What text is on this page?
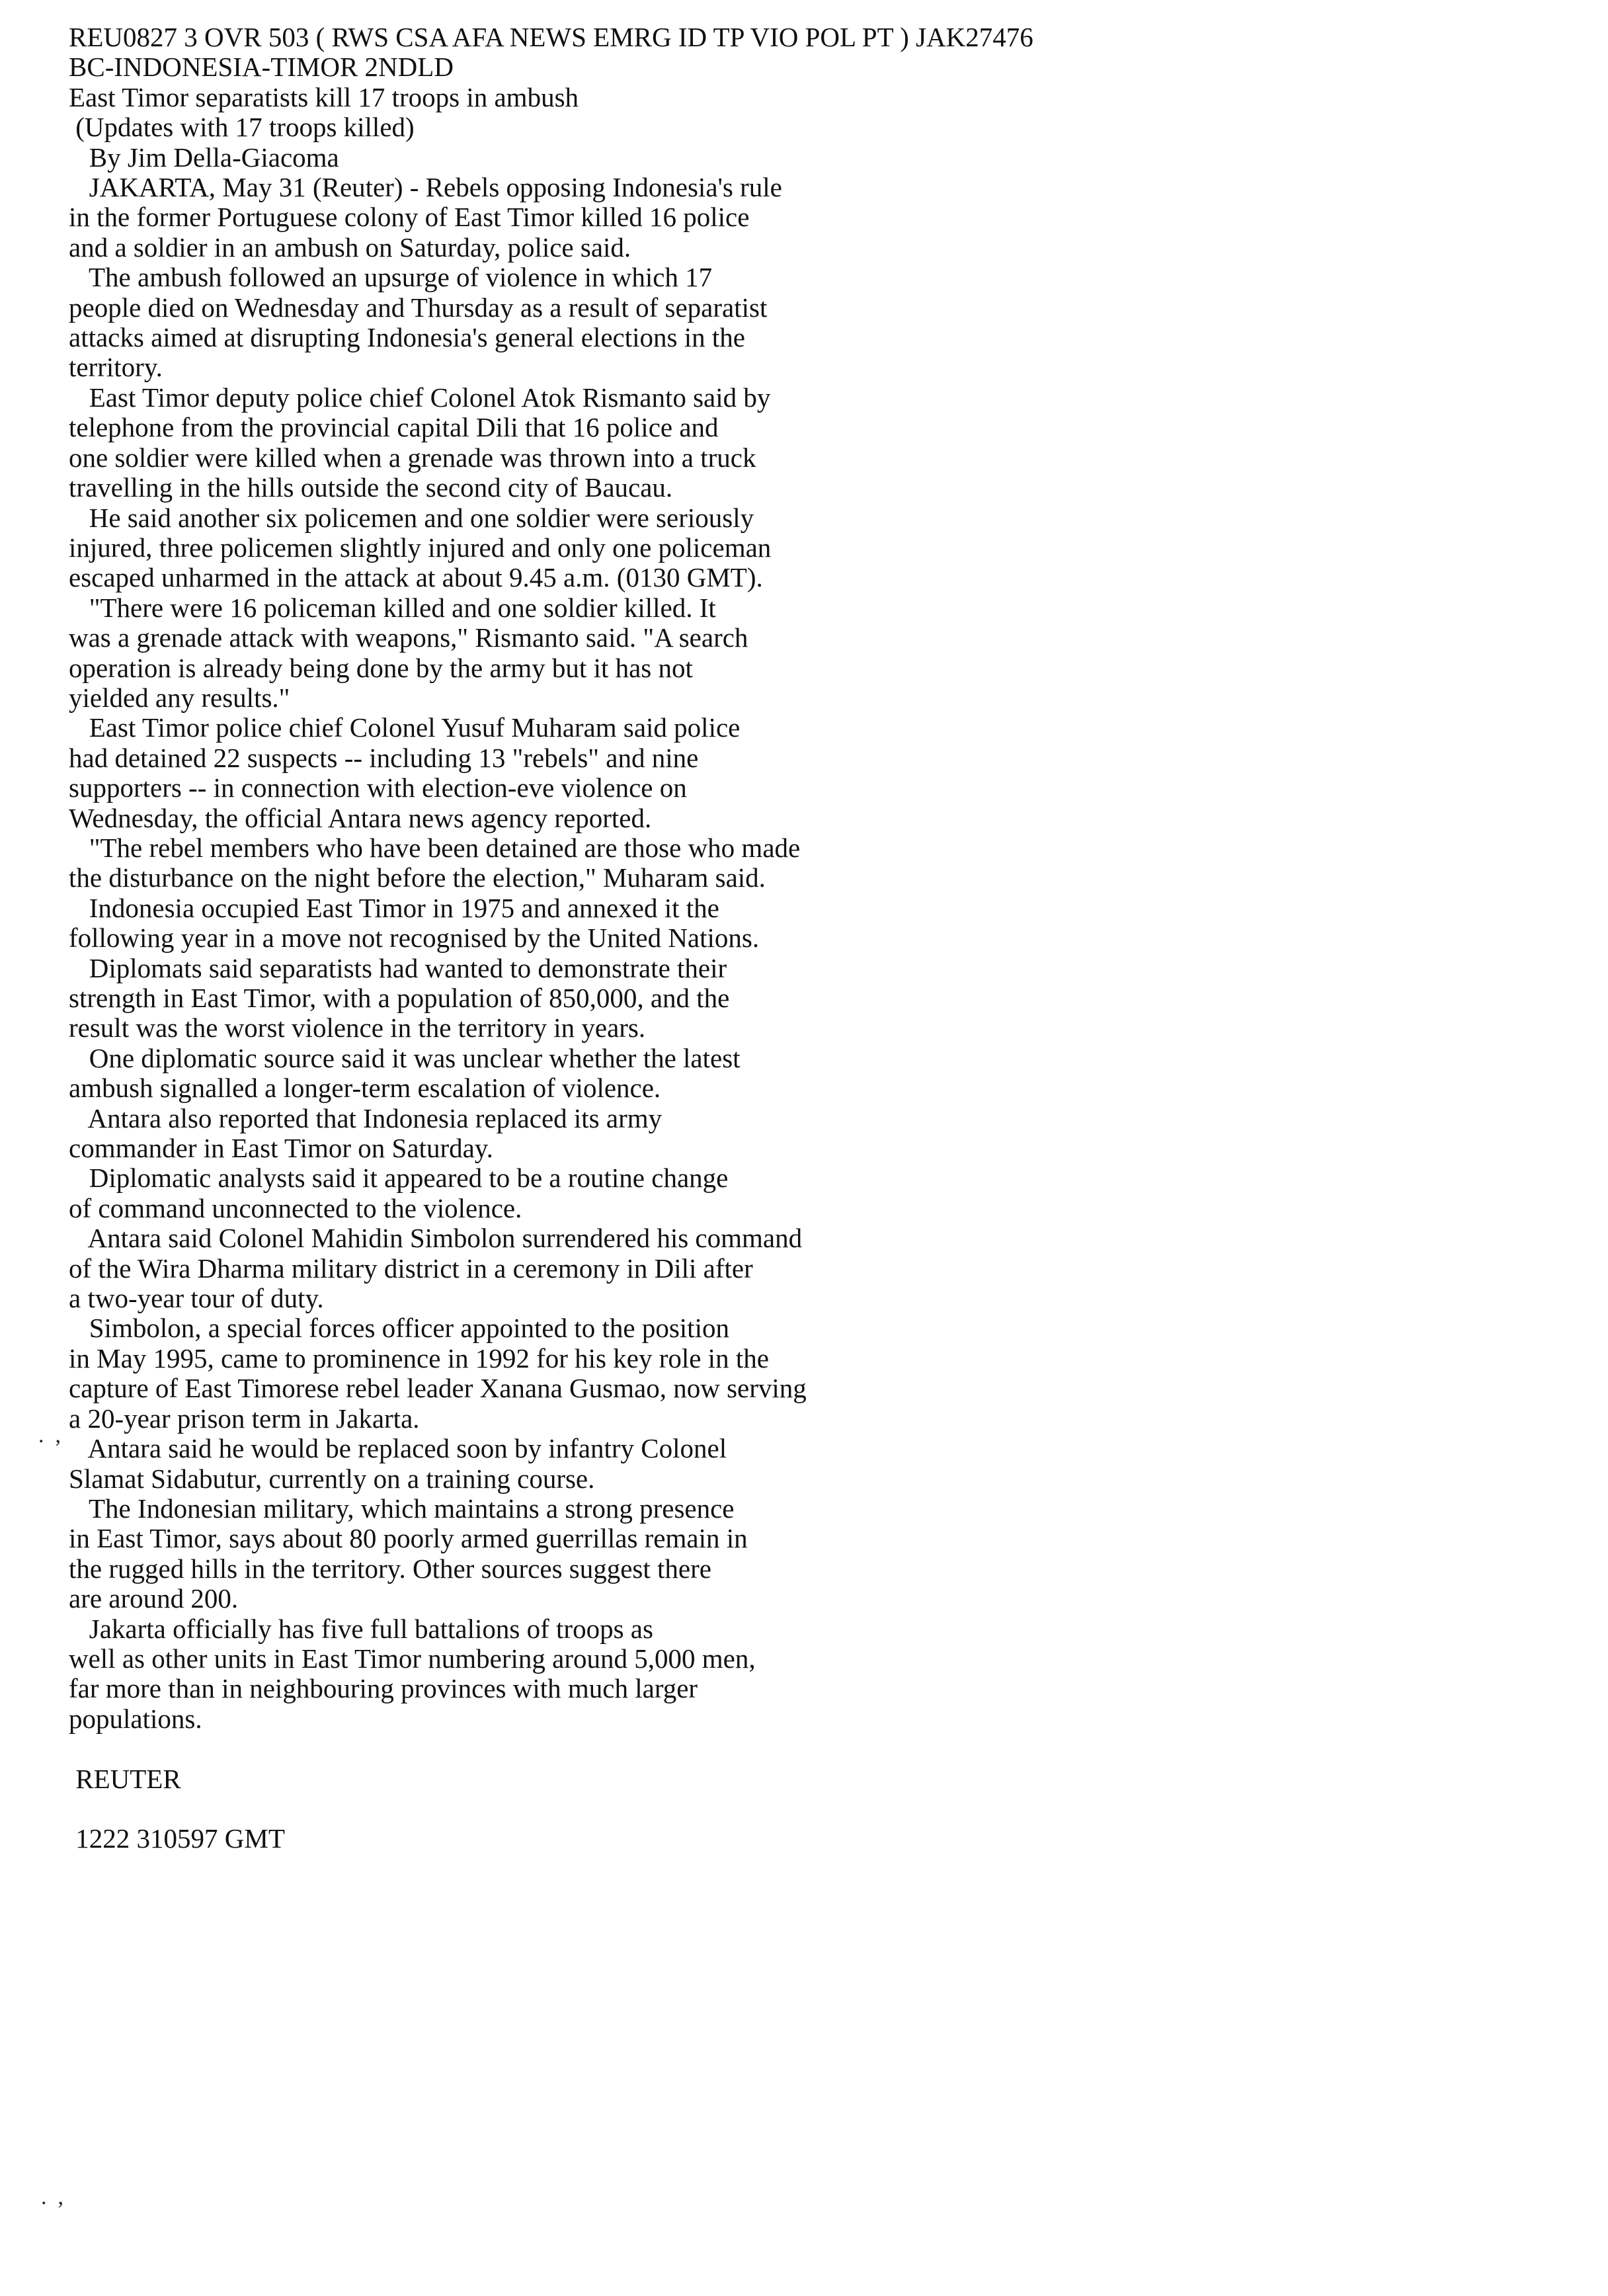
REU0827 3 OVR 503 ( RWS CSA AFA NEWS EMRG ID TP VIO POL PT ) JAK27476
BC-INDONESIA-TIMOR 2NDLD
East Timor separatists kill 17 troops in ambush
(Updates with 17 troops killed)
By Jim Della-Giacoma
JAKARTA, May 31 (Reuter) - Rebels opposing Indonesia's rule
in the former Portuguese colony of East Timor killed 16 police
and a soldier in an ambush on Saturday, police said.
The ambush followed an upsurge of violence in which 17
people died on Wednesday and Thursday as a result of separatist
attacks aimed at disrupting Indonesia's general elections in the
territory.
East Timor deputy police chief Colonel Atok Rismanto said by
telephone from the provincial capital Dili that 16 police and
one soldier were killed when a grenade was thrown into a truck
travelling in the hills outside the second city of Baucau.
He said another six policemen and one soldier were seriously
injured, three policemen slightly injured and only one policeman
escaped unharmed in the attack at about 9.45 a.m. (0130 GMT).
"There were 16 policeman killed and one soldier killed. It
was a grenade attack with weapons," Rismanto said. "A search
operation is already being done by the army but it has not
yielded any results."
East Timor police chief Colonel Yusuf Muharam said police
had detained 22 suspects -- including 13 "rebels" and nine
supporters -- in connection with election-eve violence on
Wednesday, the official Antara news agency reported.
"The rebel members who have been detained are those who made
the disturbance on the night before the election," Muharam said.
Indonesia occupied East Timor in 1975 and annexed it the
following year in a move not recognised by the United Nations.
Diplomats said separatists had wanted to demonstrate their
strength in East Timor, with a population of 850,000, and the
result was the worst violence in the territory in years.
One diplomatic source said it was unclear whether the latest
ambush signalled a longer-term escalation of violence.
Antara also reported that Indonesia replaced its army
commander in East Timor on Saturday.
Diplomatic analysts said it appeared to be a routine change
of command unconnected to the violence.
Antara said Colonel Mahidin Simbolon surrendered his command
of the Wira Dharma military district in a ceremony in Dili after
a two-year tour of duty.
Simbolon, a special forces officer appointed to the position
in May 1995, came to prominence in 1992 for his key role in the
capture of East Timorese rebel leader Xanana Gusmao, now serving
a 20-year prison term in Jakarta.
Antara said he would be replaced soon by infantry Colonel
Slamat Sidabutur, currently on a training course.
The Indonesian military, which maintains a strong presence
in East Timor, says about 80 poorly armed guerrillas remain in
the rugged hills in the territory. Other sources suggest there
are around 200.
Jakarta officially has five full battalions of troops as
well as other units in East Timor numbering around 5,000 men,
far more than in neighbouring provinces with much larger
populations.
REUTER
1222 310597 GMT
.  ,
.  ,
